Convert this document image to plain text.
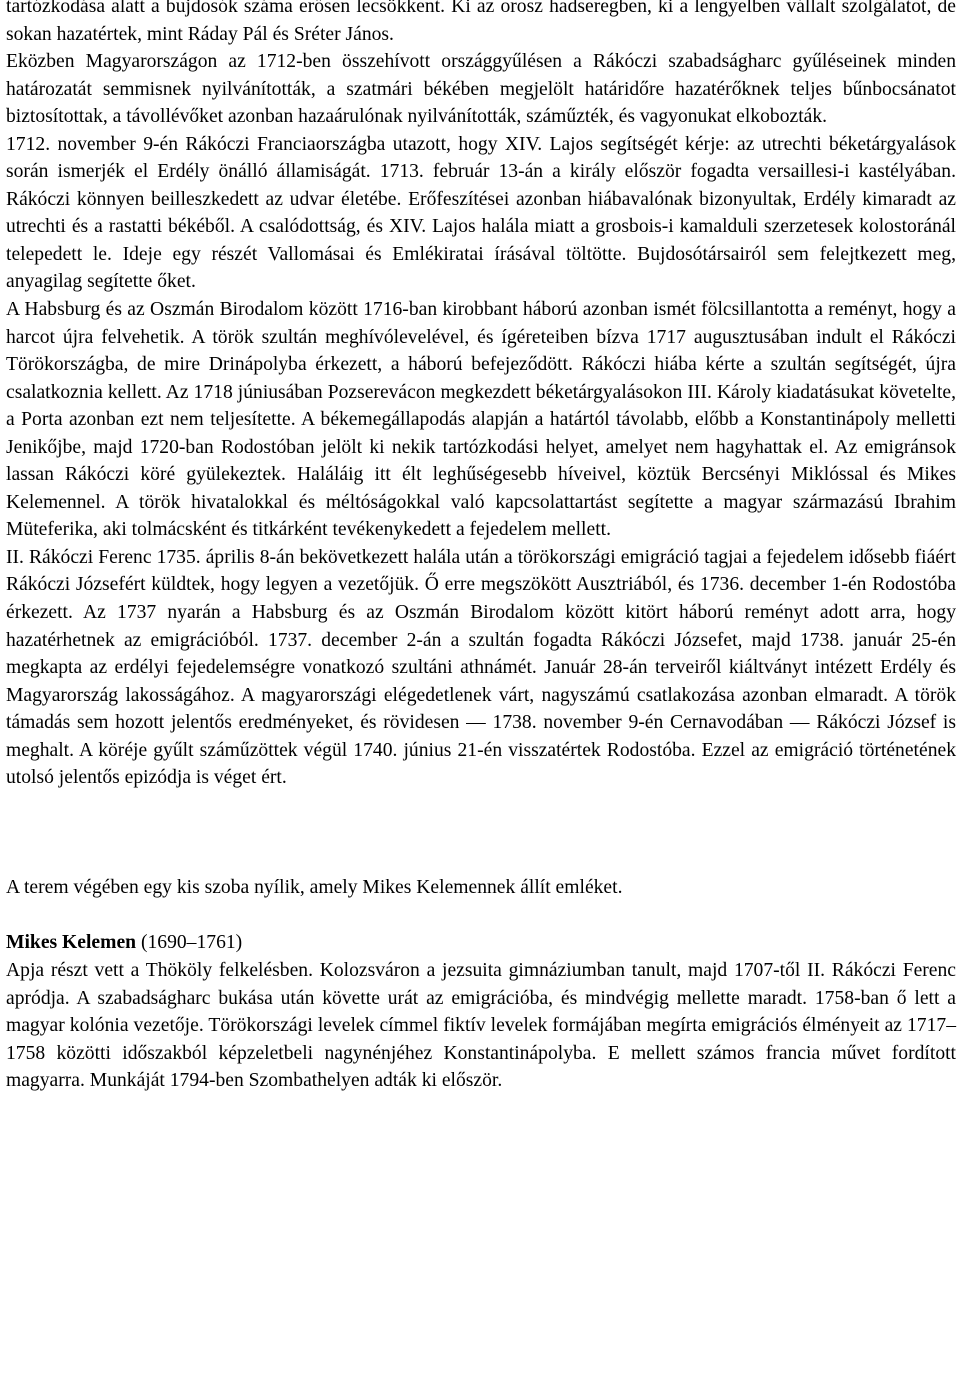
tartózkodása alatt a bujdosók száma erősen lecsökkent. Ki az orosz hadseregben, ki a lengyelben vállalt szolgálatot, de sokan hazatértek, mint Ráday Pál és Sréter János.

Eközben Magyarországon az 1712-ben összehívott országgyűlésen a Rákóczi szabadságharc gyűléseinek minden határozatát semmisnek nyilvánították, a szatmári békében megjelölt határidőre hazatérőknek teljes bűnbocsánatot biztosítottak, a távollévőket azonban hazaárulónak nyilvánították, száműzték, és vagyonukat elkobozták.

1712. november 9-én Rákóczi Franciaországba utazott, hogy XIV. Lajos segítségét kérje: az utrechti béketárgyalások során ismerjék el Erdély önálló államiságát. 1713. február 13-án a király először fogadta versaillesi-i kastélyában. Rákóczi könnyen beilleszkedett az udvar életébe. Erőfeszítései azonban hiábavalónak bizonyultak, Erdély kimaradt az utrechti és a rastatti békéből. A csalódottság, és XIV. Lajos halála miatt a grosbois-i kamalduli szerzetesek kolostoránál telepedett le. Ideje egy részét Vallomásai és Emlékiratai írásával töltötte. Bujdosótársairól sem felejtkezett meg, anyagilag segítette őket.

A Habsburg és az Oszmán Birodalom között 1716-ban kirobbant háború azonban ismét fölcsillantotta a reményt, hogy a harcot újra felvehetik. A török szultán meghívólevelével, és ígéreteiben bízva 1717 augusztusában indult el Rákóczi Törökországba, de mire Drinápolyba érkezett, a háború befejeződött. Rákóczi hiába kérte a szultán segítségét, újra csalatkoznia kellett. Az 1718 júniusában Pozserevácon megkezdett béketárgyalásokon III. Károly kiadatásukat követelte, a Porta azonban ezt nem teljesítette. A békemegállapodás alapján a határtól távolabb, előbb a Konstantinápoly melletti Jenikőjbe, majd 1720-ban Rodostóban jelölt ki nekik tartózkodási helyet, amelyet nem hagyhattak el. Az emigránsok lassan Rákóczi köré gyülekeztek. Haláláig itt élt leghűségesebb híveivel, köztük Bercsényi Miklóssal és Mikes Kelemennel. A török hivatalokkal és méltóságokkal való kapcsolattartást segítette a magyar származású Ibrahim Müteferika, aki tolmácsként és titkárként tevékenykedett a fejedelem mellett.

II. Rákóczi Ferenc 1735. április 8-án bekövetkezett halála után a törökországi emigráció tagjai a fejedelem idősebb fiáért Rákóczi Józsefért küldtek, hogy legyen a vezetőjük. Ő erre megszökött Ausztriából, és 1736. december 1-én Rodostóba érkezett. Az 1737 nyarán a Habsburg és az Oszmán Birodalom között kitört háború reményt adott arra, hogy hazatérhetnek az emigrációból. 1737. december 2-án a szultán fogadta Rákóczi Józsefet, majd 1738. január 25-én megkapta az erdélyi fejedelemségre vonatkozó szultáni athnámét. Január 28-án terveiről kiáltványt intézett Erdély és Magyarország lakosságához. A magyarországi elégedetlenek várt, nagyszámú csatlakozása azonban elmaradt. A török támadás sem hozott jelentős eredményeket, és rövidesen — 1738. november 9-én Cernavodában — Rákóczi József is meghalt. A köréje gyűlt száműzöttek végül 1740. június 21-én visszatértek Rodostóba. Ezzel az emigráció történetének utolsó jelentős epizódja is véget ért.

A terem végében egy kis szoba nyílik, amely Mikes Kelemennek állít emléket.

Mikes Kelemen (1690–1761)

Apja részt vett a Thököly felkelésben. Kolozsváron a jezsuita gimnáziumban tanult, majd 1707-től II. Rákóczi Ferenc apródja. A szabadságharc bukása után követte urát az emigrációba, és mindvégig mellette maradt. 1758-ban ő lett a magyar kolónia vezetője. Törökországi levelek címmel fiktív levelek formájában megírta emigrációs élményeit az 1717–1758 közötti időszakból képzeletbeli nagynénjéhez Konstantinápolyba. E mellett számos francia művet fordított magyarra. Munkáját 1794-ben Szombathelyen adták ki először.
